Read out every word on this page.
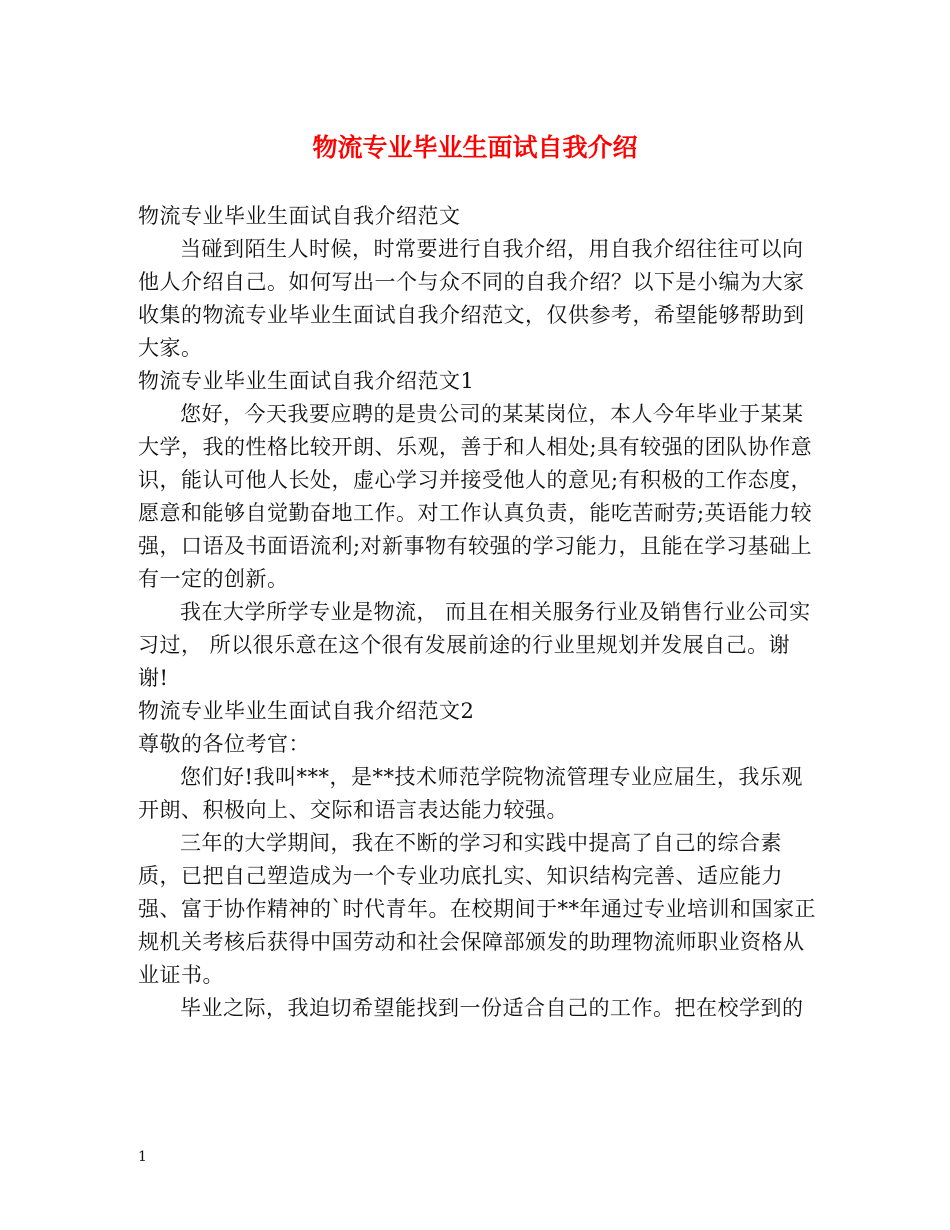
物流专业毕业生面试自我介绍

物流专业毕业生面试自我介绍范文

当碰到陌生人时候，时常要进行自我介绍，用自我介绍往往可以向他人介绍自己。如何写出一个与众不同的自我介绍？以下是小编为大家收集的物流专业毕业生面试自我介绍范文，仅供参考，希望能够帮助到大家。

物流专业毕业生面试自我介绍范文1

您好，今天我要应聘的是贵公司的某某岗位，本人今年毕业于某某大学，我的性格比较开朗、乐观，善于和人相处;具有较强的团队协作意识，能认可他人长处，虚心学习并接受他人的意见;有积极的工作态度，愿意和能够自觉勤奋地工作。对工作认真负责，能吃苦耐劳;英语能力较强，口语及书面语流利;对新事物有较强的学习能力，且能在学习基础上有一定的创新。

我在大学所学专业是物流， 而且在相关服务行业及销售行业公司实习过， 所以很乐意在这个很有发展前途的行业里规划并发展自己。谢谢!

物流专业毕业生面试自我介绍范文2

尊敬的各位考官：

您们好!我叫***，是**技术师范学院物流管理专业应届生，我乐观开朗、积极向上、交际和语言表达能力较强。

三年的大学期间，我在不断的学习和实践中提高了自己的综合素质，已把自己塑造成为一个专业功底扎实、知识结构完善、适应能力强、富于协作精神的`时代青年。在校期间于**年通过专业培训和国家正规机关考核后获得中国劳动和社会保障部颁发的助理物流师职业资格从业证书。

毕业之际，我迫切希望能找到一份适合自己的工作。把在校学到的

1
